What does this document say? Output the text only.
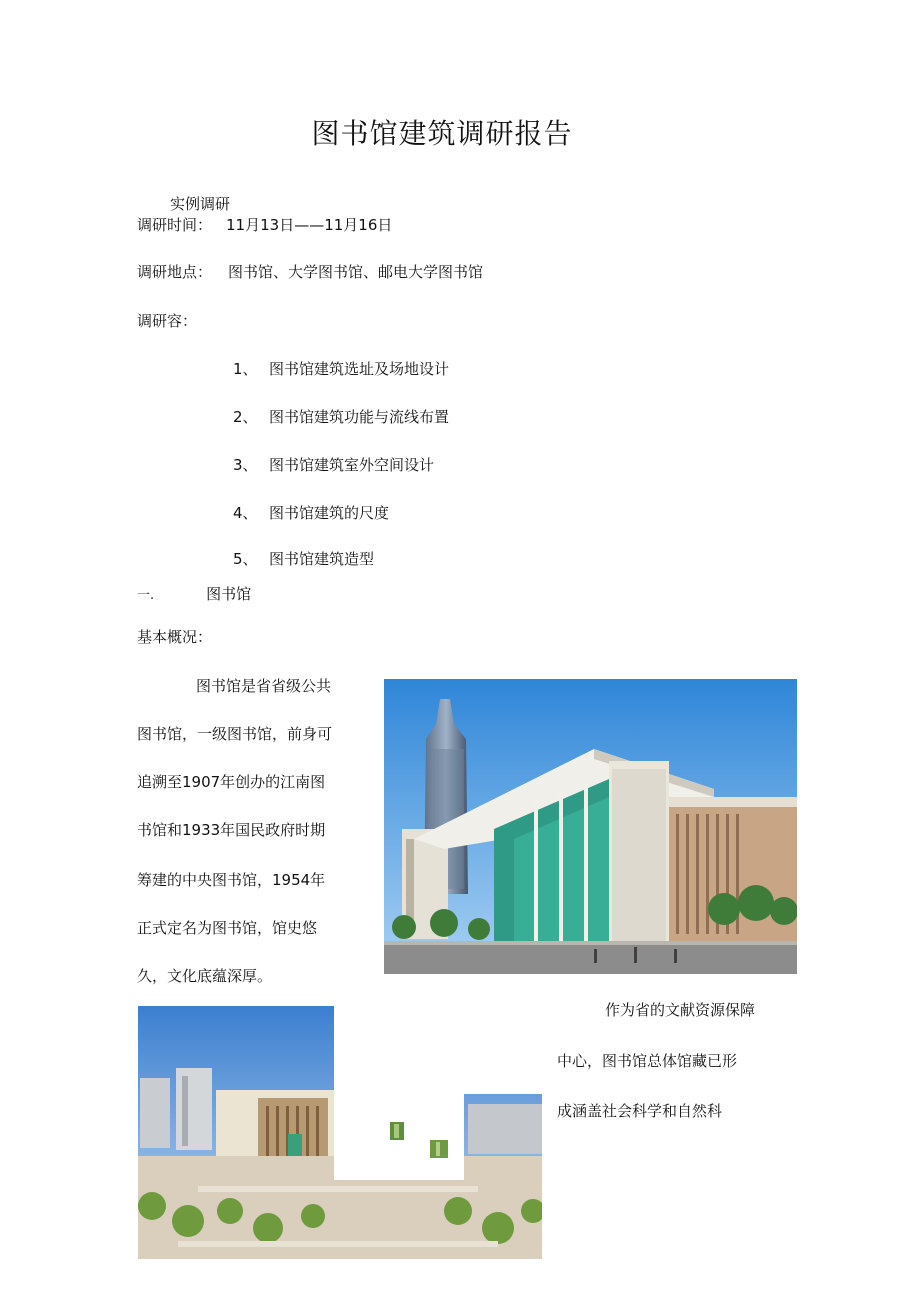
图书馆建筑调研报告
实例调研
调研时间： 11月13日——11月16日
调研地点： 图书馆、大学图书馆、邮电大学图书馆
调研容：
1、 图书馆建筑选址及场地设计
2、 图书馆建筑功能与流线布置
3、 图书馆建筑室外空间设计
4、 图书馆建筑的尺度
5、 图书馆建筑造型
一.	图书馆
基本概况：
图书馆是省省级公共
图书馆，一级图书馆，前身可
追溯至1907年创办的江南图
书馆和1933年国民政府时期
筹建的中央图书馆，1954年
正式定名为图书馆，馆史悠
久，文化底蕴深厚。
作为省的文献资源保障
中心，图书馆总体馆藏已形
成涵盖社会科学和自然科
